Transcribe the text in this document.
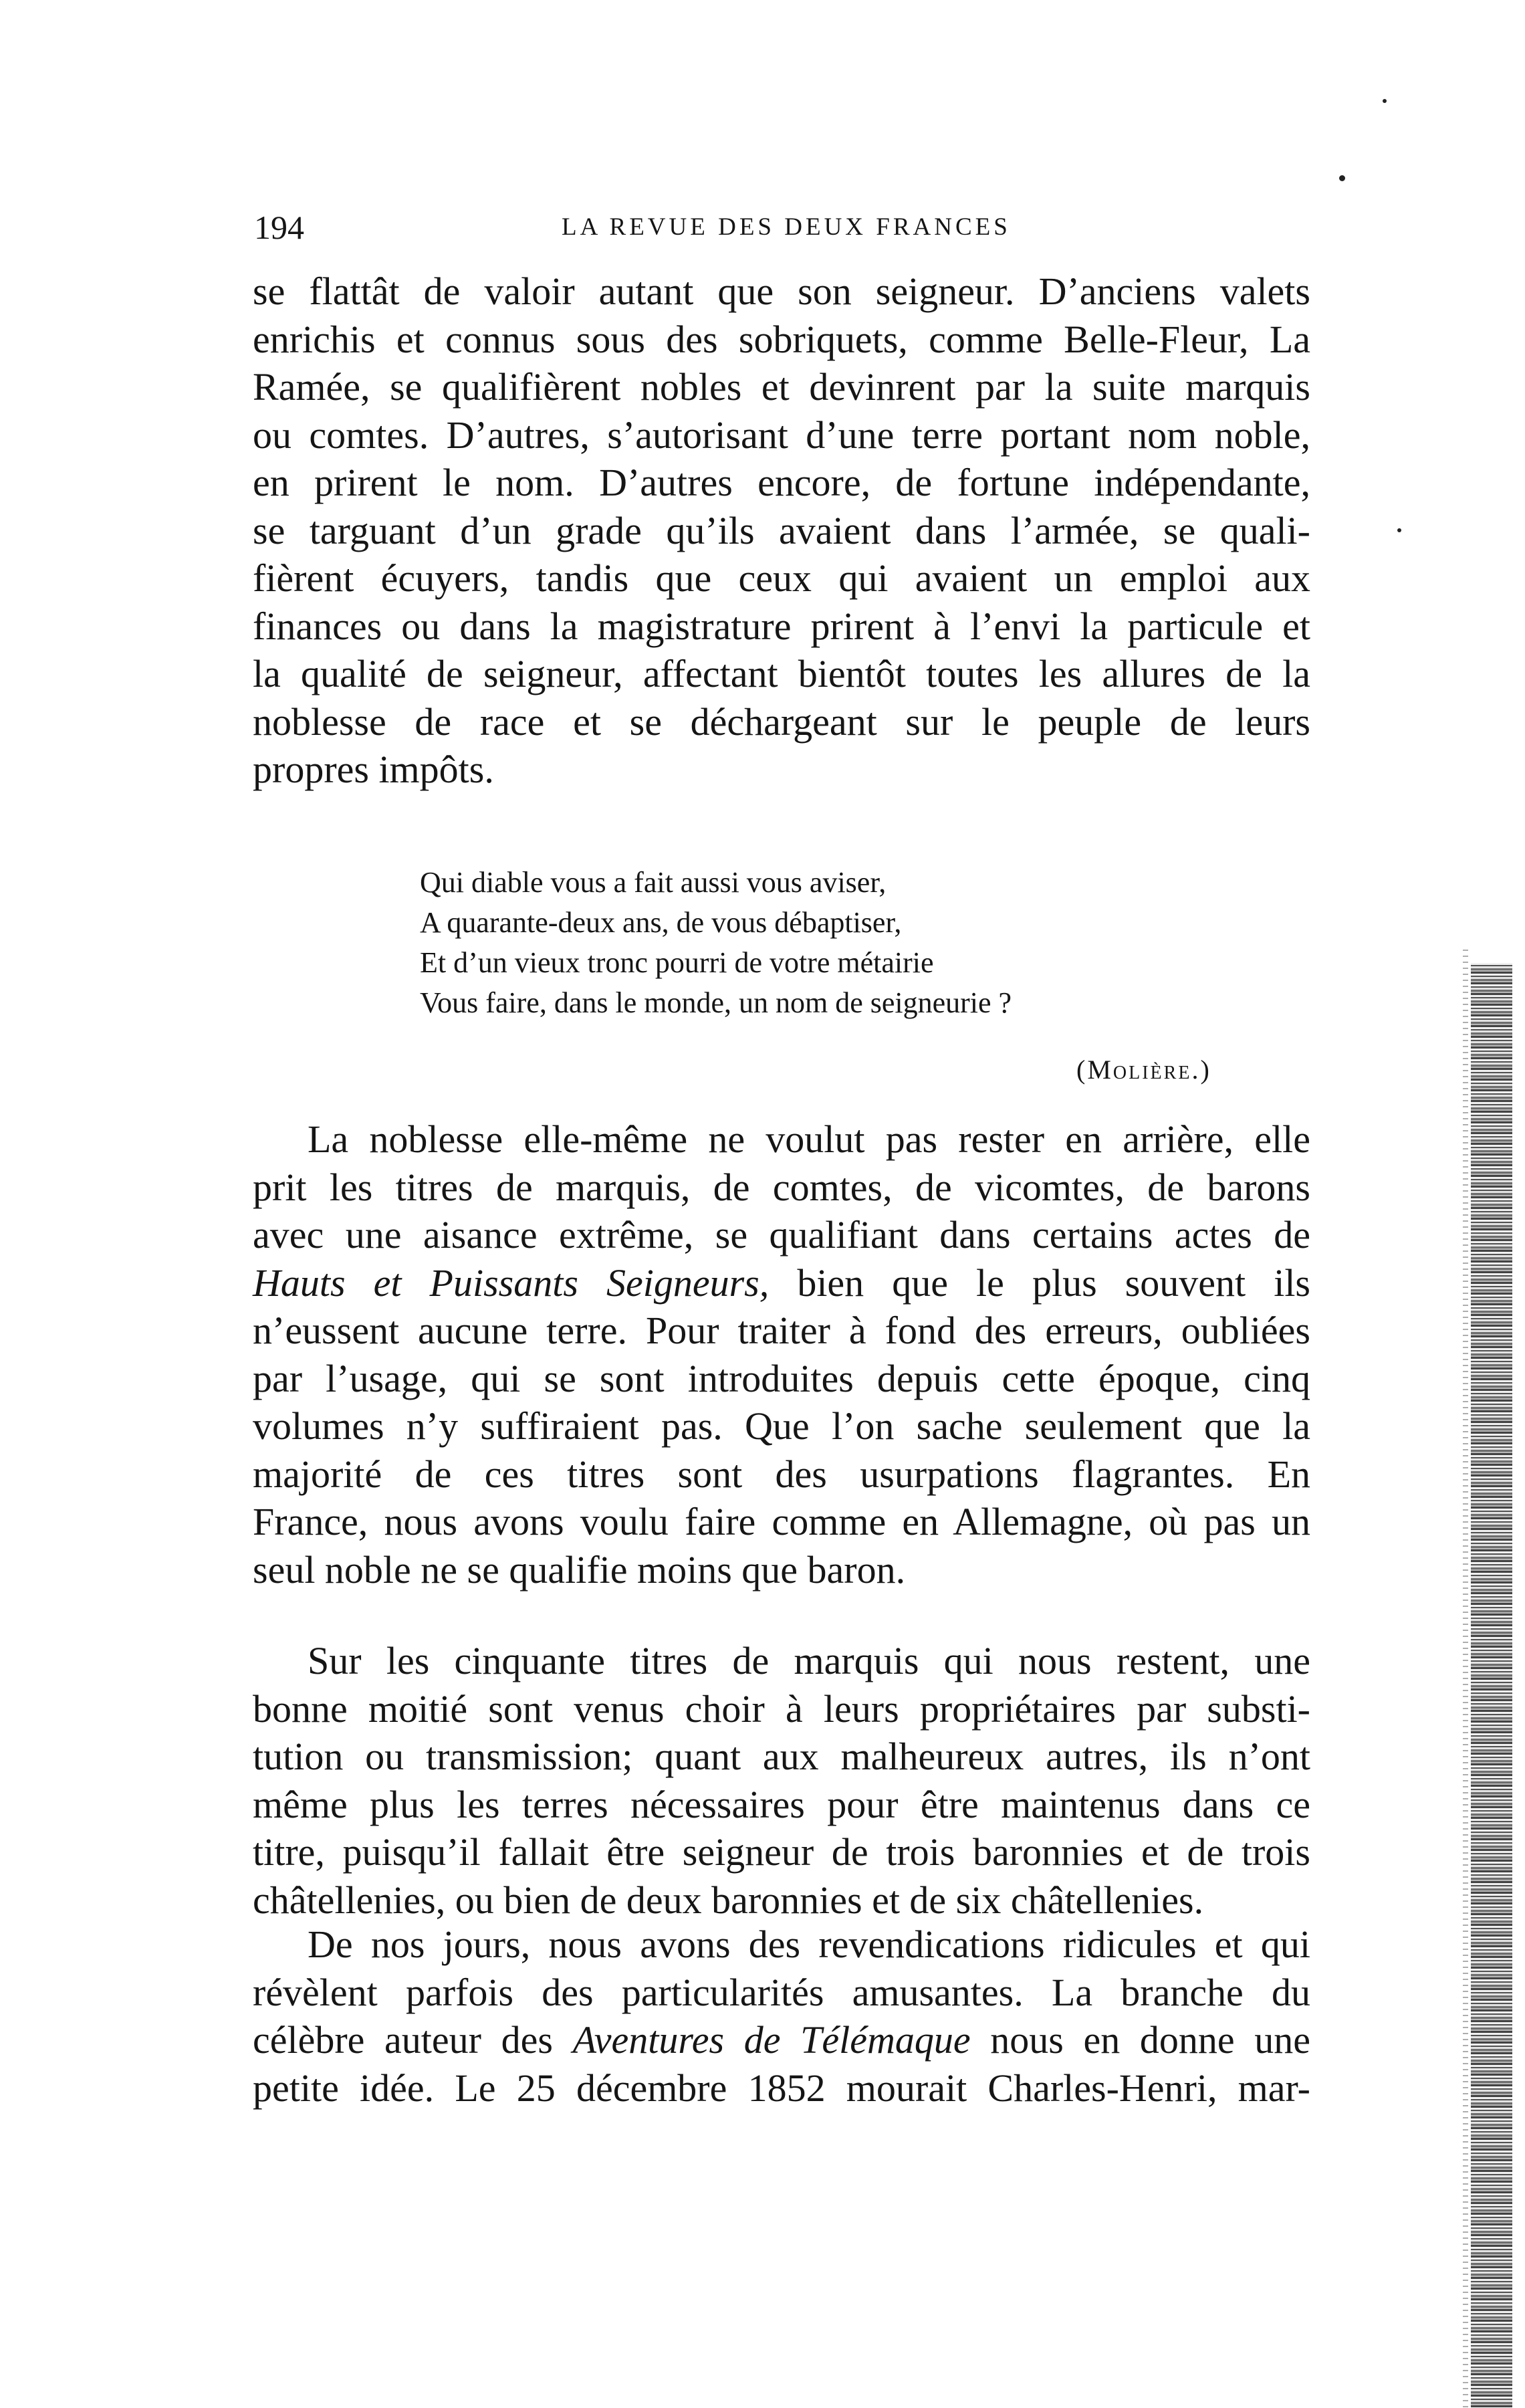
194	LA REVUE DES DEUX FRANCES
se flattât de valoir autant que son seigneur. D’anciens valets
enrichis et connus sous des sobriquets, comme Belle-Fleur, La
Ramée, se qualifièrent nobles et devinrent par la suite marquis
ou comtes. D’autres, s’autorisant d’une terre portant nom noble,
en prirent le nom. D’autres encore, de fortune indépendante,
se targuant d’un grade qu’ils avaient dans l’armée, se quali-
fièrent écuyers, tandis que ceux qui avaient un emploi aux
finances ou dans la magistrature prirent à l’envi la particule et
la qualité de seigneur, affectant bientôt toutes les allures de la
noblesse de race et se déchargeant sur le peuple de leurs
propres impôts.
Qui diable vous a fait aussi vous aviser,
A quarante-deux ans, de vous débaptiser,
Et d’un vieux tronc pourri de votre métairie
Vous faire, dans le monde, un nom de seigneurie ?
(Molière.)
La noblesse elle-même ne voulut pas rester en arrière, elle
prit les titres de marquis, de comtes, de vicomtes, de barons
avec une aisance extrême, se qualifiant dans certains actes de
Hauts et Puissants Seigneurs, bien que le plus souvent ils
n’eussent aucune terre. Pour traiter à fond des erreurs, oubliées
par l’usage, qui se sont introduites depuis cette époque, cinq
volumes n’y suffiraient pas. Que l’on sache seulement que la
majorité de ces titres sont des usurpations flagrantes. En
France, nous avons voulu faire comme en Allemagne, où pas un
seul noble ne se qualifie moins que baron.
Sur les cinquante titres de marquis qui nous restent, une
bonne moitié sont venus choir à leurs propriétaires par substi-
tution ou transmission; quant aux malheureux autres, ils n’ont
même plus les terres nécessaires pour être maintenus dans ce
titre, puisqu’il fallait être seigneur de trois baronnies et de trois
châtellenies, ou bien de deux baronnies et de six châtellenies.
De nos jours, nous avons des revendications ridicules et qui
révèlent parfois des particularités amusantes. La branche du
célèbre auteur des Aventures de Télémaque nous en donne une
petite idée. Le 25 décembre 1852 mourait Charles-Henri, mar-
